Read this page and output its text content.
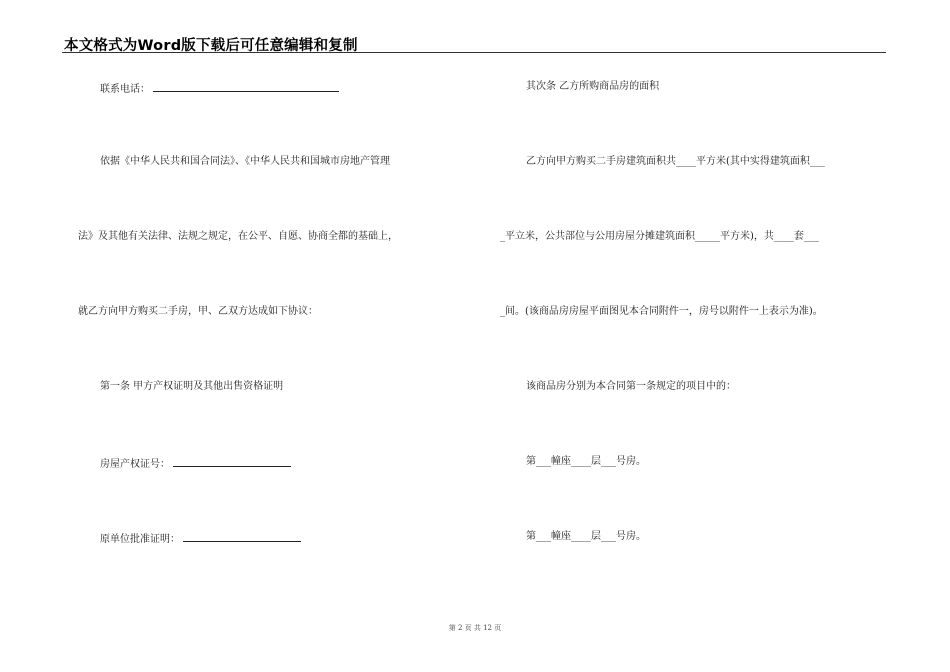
本文格式为Word版下载后可任意编辑和复制
联系电话：
依据《中华人民共和国合同法》、《中华人民共和国城市房地产管理
法》及其他有关法律、法规之规定，在公平、自愿、协商全都的基础上，
就乙方向甲方购买二手房，甲、乙双方达成如下协议：
第一条 甲方产权证明及其他出售资格证明
房屋产权证号：
原单位批准证明：
其次条 乙方所购商品房的面积
乙方向甲方购买二手房建筑面积共____平方米(其中实得建筑面积___
_平立米，公共部位与公用房屋分摊建筑面积_____平方米)，共____套___
_间。(该商品房房屋平面图见本合同附件一，房号以附件一上表示为准)。
该商品房分别为本合同第一条规定的项目中的：
第___幢座____层___号房。
第___幢座____层___号房。
第 2 页 共 12 页
